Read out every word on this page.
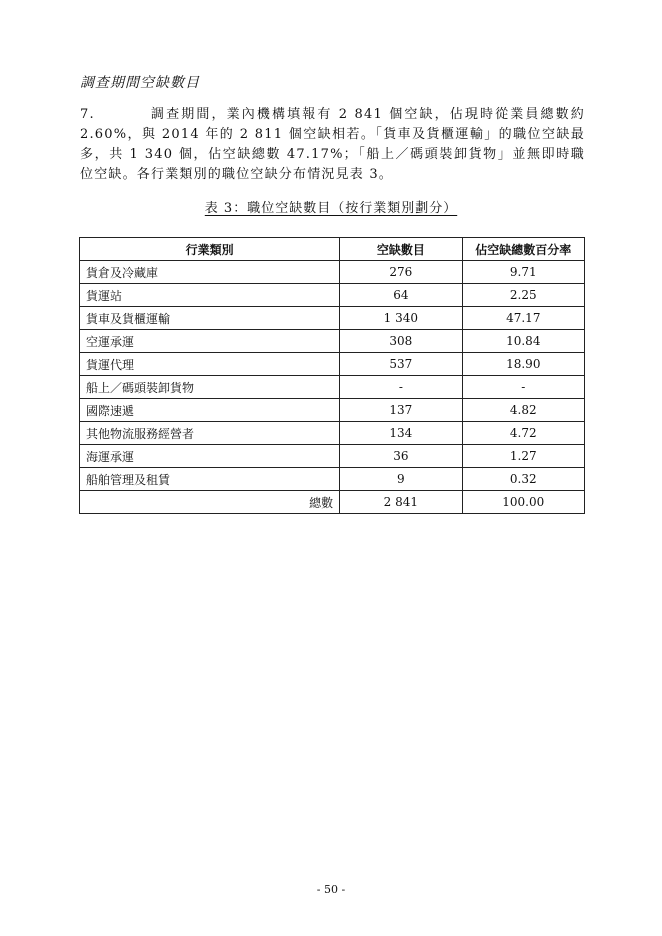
調查期間空缺數目
7.	調查期間，業內機構填報有 2 841 個空缺，佔現時從業員總數約 2.60%，與 2014 年的 2 811 個空缺相若。「貨車及貨櫃運輸」的職位空缺最多，共 1 340 個，佔空缺總數 47.17%；「船上／碼頭裝卸貨物」並無即時職位空缺。各行業類別的職位空缺分布情況見表 3。
表 3：職位空缺數目（按行業類別劃分）
行業類別	空缺數目	佔空缺總數百分率
貨倉及冷藏庫	276	9.71
貨運站	64	2.25
貨車及貨櫃運輸	1 340	47.17
空運承運	308	10.84
貨運代理	537	18.90
船上／碼頭裝卸貨物	-	-
國際速遞	137	4.82
其他物流服務經營者	134	4.72
海運承運	36	1.27
船舶管理及租賃	9	0.32
總數	2 841	100.00
- 50 -
